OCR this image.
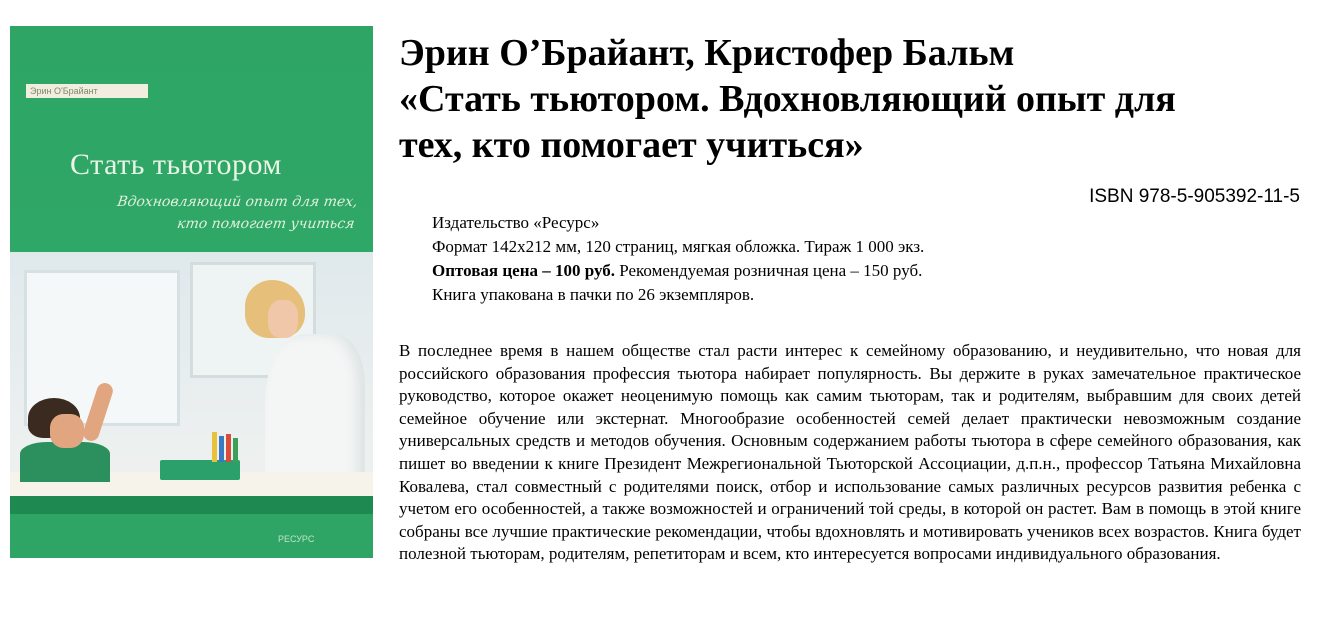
Эрин О'Брайант
Стать тьютором
Вдохновляющий опыт для тех,
кто помогает учиться
РЕСУРС
Эрин О’Брайант, Кристофер Бальм
«Стать тьютором. Вдохновляющий опыт для
тех, кто помогает учиться»
ISBN 978-5-905392-11-5
Издательство «Ресурс»
Формат 142х212 мм, 120 страниц, мягкая обложка. Тираж 1 000 экз.
Оптовая цена – 100 руб. Рекомендуемая розничная цена – 150 руб.
Книга упакована в пачки по 26 экземпляров.
В последнее время в нашем обществе стал расти интерес к семейному образованию, и неудивительно, что новая для российского образования профессия тьютора набирает популярность. Вы держите в руках замечательное практическое руководство, которое окажет неоценимую помощь как самим тьюторам, так и родителям, выбравшим для своих детей семейное обучение или экстернат. Многообразие особенностей семей делает практически невозможным создание универсальных средств и методов обучения. Основным содержанием работы тьютора в сфере семейного образования, как пишет во введении к книге Президент Межрегиональной Тьюторской Ассоциации, д.п.н., профессор Татьяна Михайловна Ковалева, стал совместный с родителями поиск, отбор и использование самых различных ресурсов развития ребенка с учетом его особенностей, а также возможностей и ограничений той среды, в которой он растет. Вам в помощь в этой книге собраны все лучшие практические рекомендации, чтобы вдохновлять и мотивировать учеников всех возрастов. Книга будет полезной тьюторам, родителям, репетиторам и всем, кто интересуется вопросами индивидуального образования.
